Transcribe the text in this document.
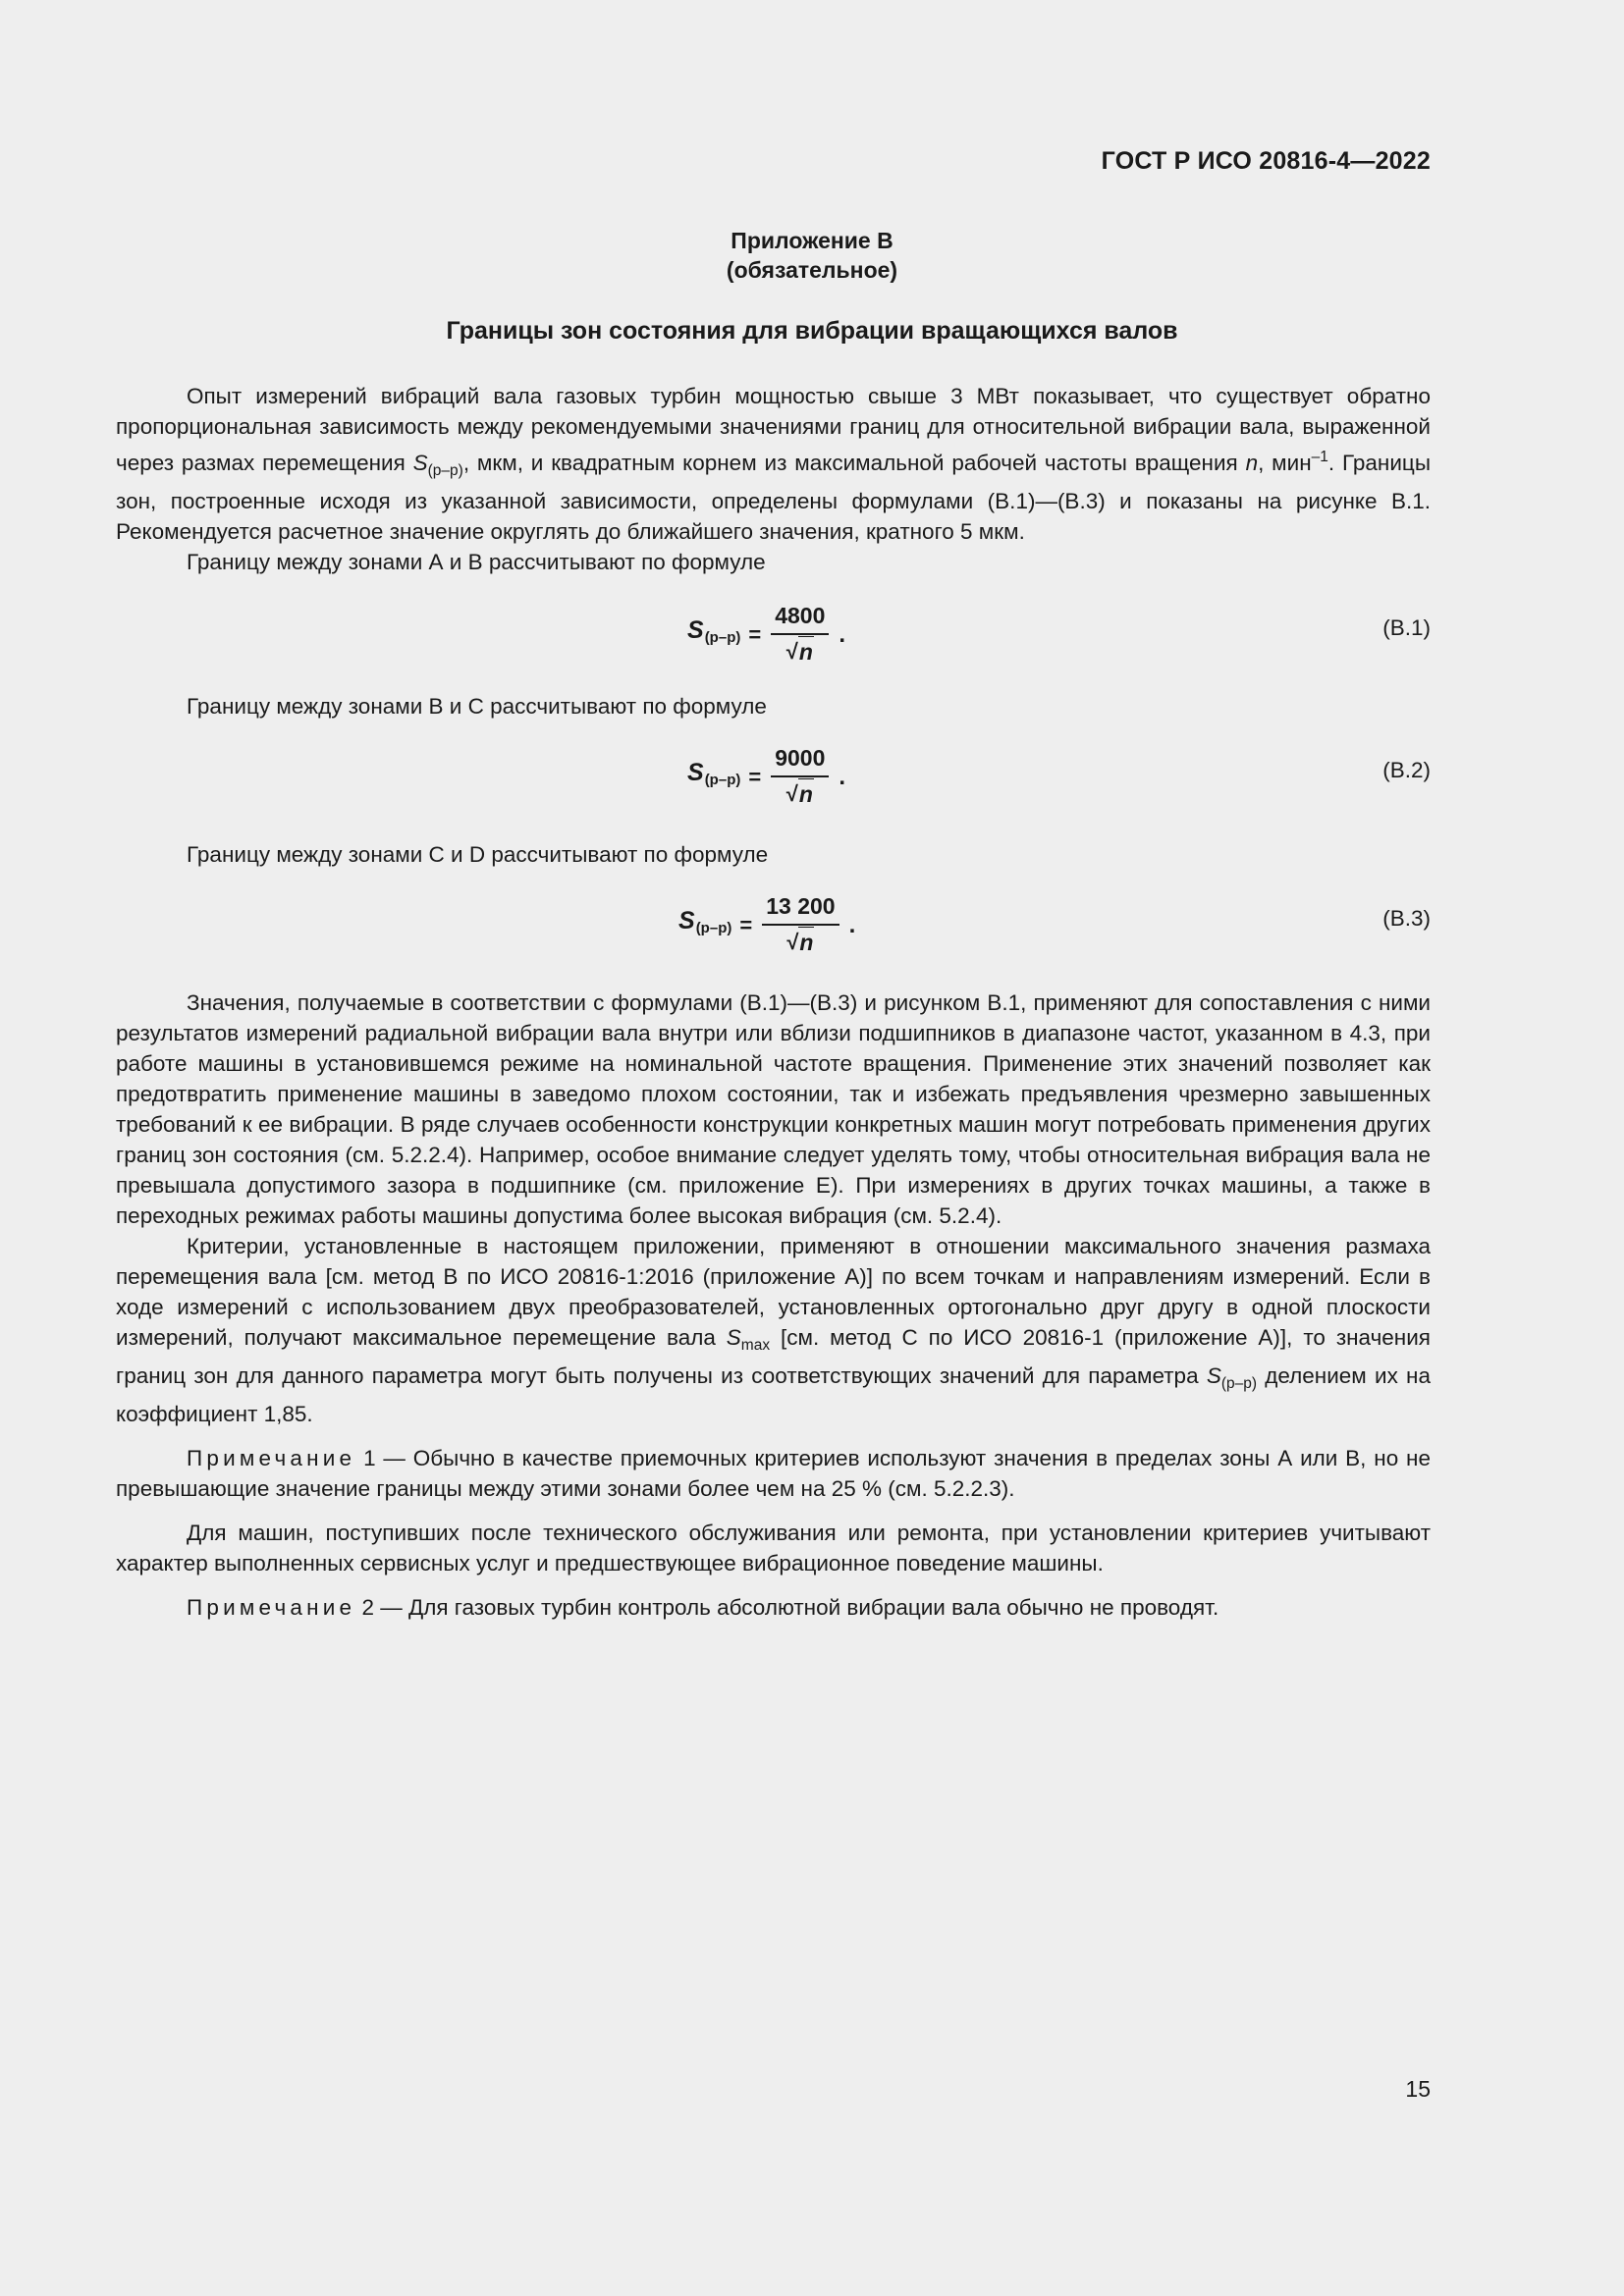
ГОСТ Р ИСО 20816-4—2022
Приложение В
(обязательное)
Границы зон состояния для вибрации вращающихся валов

Опыт измерений вибраций вала газовых турбин мощностью свыше 3 МВт показывает, что существует обратно пропорциональная зависимость между рекомендуемыми значениями границ для относительной вибрации вала, выраженной через размах перемещения $S_{(p-p)}$, мкм, и квадратным корнем из максимальной рабочей частоты вращения n, мин$^{-1}$. Границы зон, построенные исходя из указанной зависимости, определены формулами (В.1)—(В.3) и показаны на рисунке В.1. Рекомендуется расчетное значение округлять до ближайшего значения, кратного 5 мкм.

Границу между зонами А и В рассчитывают по формуле

$S_{(p-p)} = \frac{4800}{√ n}$ .	(В.1)

Границу между зонами В и С рассчитывают по формуле

$S_{(p-p)} = \frac{9000}{√ n}$ .	(В.2)

Границу между зонами С и D рассчитывают по формуле

$S_{(p-p)} = \frac{13 200}{√ n}$ .	(В.3)

Значения, получаемые в соответствии с формулами (В.1)—(В.3) и рисунком В.1, применяют для сопоставления с ними результатов измерений радиальной вибрации вала внутри или вблизи подшипников в диапазоне частот, указанном в 4.3, при работе машины в установившемся режиме на номинальной частоте вращения. Применение этих значений позволяет как предотвратить применение машины в заведомо плохом состоянии, так и избежать предъявления чрезмерно завышенных требований к ее вибрации. В ряде случаев особенности конструкции конкретных машин могут потребовать применения других границ зон состояния (см. 5.2.2.4). Например, особое внимание следует уделять тому, чтобы относительная вибрация вала не превышала допустимого зазора в подшипнике (см. приложение Е). При измерениях в других точках машины, а также в переходных режимах работы машины допустима более высокая вибрация (см. 5.2.4).

Критерии, установленные в настоящем приложении, применяют в отношении максимального значения размаха перемещения вала [см. метод В по ИСО 20816-1:2016 (приложение А)] по всем точкам и направлениям измерений. Если в ходе измерений с использованием двух преобразователей, установленных ортогонально друг другу в одной плоскости измерений, получают максимальное перемещение вала $S_{max}$ [см. метод С по ИСО 20816-1 (приложение А)], то значения границ зон для данного параметра могут быть получены из соответствующих значений для параметра $S_{(p-p)}$ делением их на коэффициент 1,85.

Примечание 1 — Обычно в качестве приемочных критериев используют значения в пределах зоны А или В, но не превышающие значение границы между этими зонами более чем на 25 % (см. 5.2.2.3).

Для машин, поступивших после технического обслуживания или ремонта, при установлении критериев учитывают характер выполненных сервисных услуг и предшествующее вибрационное поведение машины.

Примечание 2 — Для газовых турбин контроль абсолютной вибрации вала обычно не проводят.

15
